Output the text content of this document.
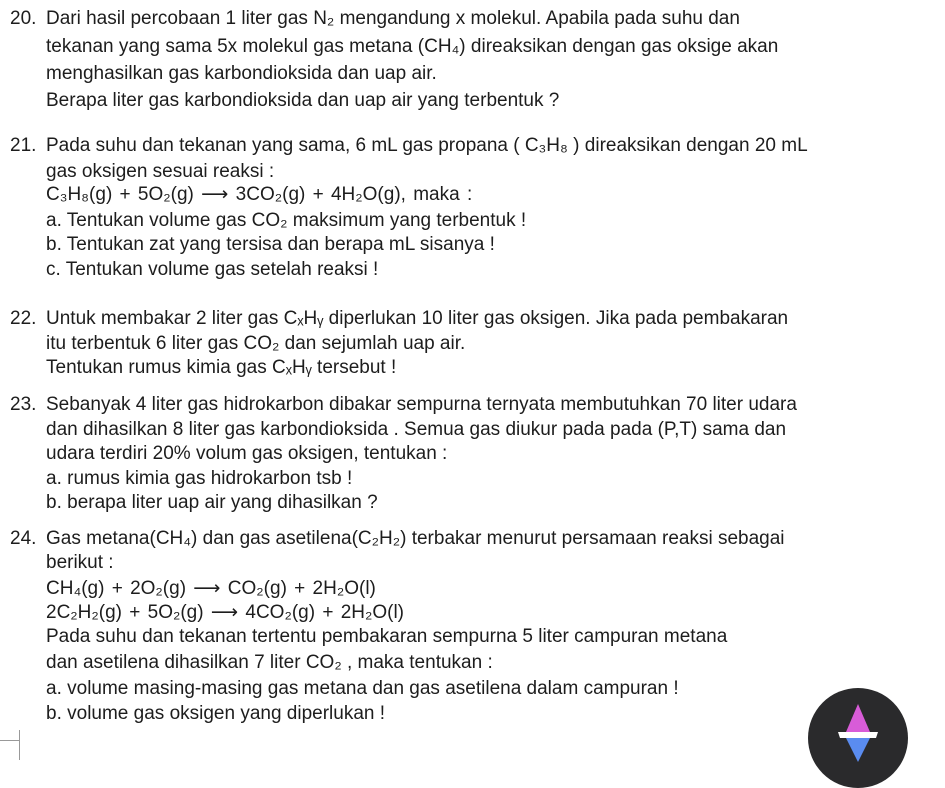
20. Dari hasil percobaan 1 liter gas N₂ mengandung x molekul. Apabila pada suhu dan
tekanan yang sama 5x molekul gas metana (CH₄) direaksikan dengan gas oksige akan
menghasilkan gas karbondioksida dan uap air.
Berapa liter gas karbondioksida dan uap air yang terbentuk ?
21. Pada suhu dan tekanan yang sama, 6 mL gas propana ( C₃H₈ ) direaksikan dengan 20 mL
gas oksigen sesuai reaksi :
C₃H₈(g) + 5O₂(g) ⟶ 3CO₂(g) + 4H₂O(g), maka :
a. Tentukan volume gas CO₂ maksimum yang terbentuk !
b. Tentukan zat yang tersisa dan berapa mL sisanya !
c. Tentukan volume gas setelah reaksi !
22. Untuk membakar 2 liter gas CₓHᵧ diperlukan 10 liter gas oksigen. Jika pada pembakaran
itu terbentuk 6 liter gas CO₂ dan sejumlah uap air.
Tentukan rumus kimia gas CₓHᵧ tersebut !
23. Sebanyak 4 liter gas hidrokarbon dibakar sempurna ternyata membutuhkan 70 liter udara
dan dihasilkan 8 liter gas karbondioksida . Semua gas diukur pada pada (P,T) sama dan
udara terdiri 20% volum gas oksigen, tentukan :
a. rumus kimia gas hidrokarbon tsb !
b. berapa liter uap air yang dihasilkan ?
24. Gas metana(CH₄) dan gas asetilena(C₂H₂) terbakar menurut persamaan reaksi sebagai
berikut :
CH₄(g) + 2O₂(g) ⟶ CO₂(g) + 2H₂O(l)
2C₂H₂(g) + 5O₂(g) ⟶ 4CO₂(g) + 2H₂O(l)
Pada suhu dan tekanan tertentu pembakaran sempurna 5 liter campuran metana
dan asetilena dihasilkan 7 liter CO₂ , maka tentukan :
a. volume masing-masing gas metana dan gas asetilena dalam campuran !
b. volume gas oksigen yang diperlukan !
